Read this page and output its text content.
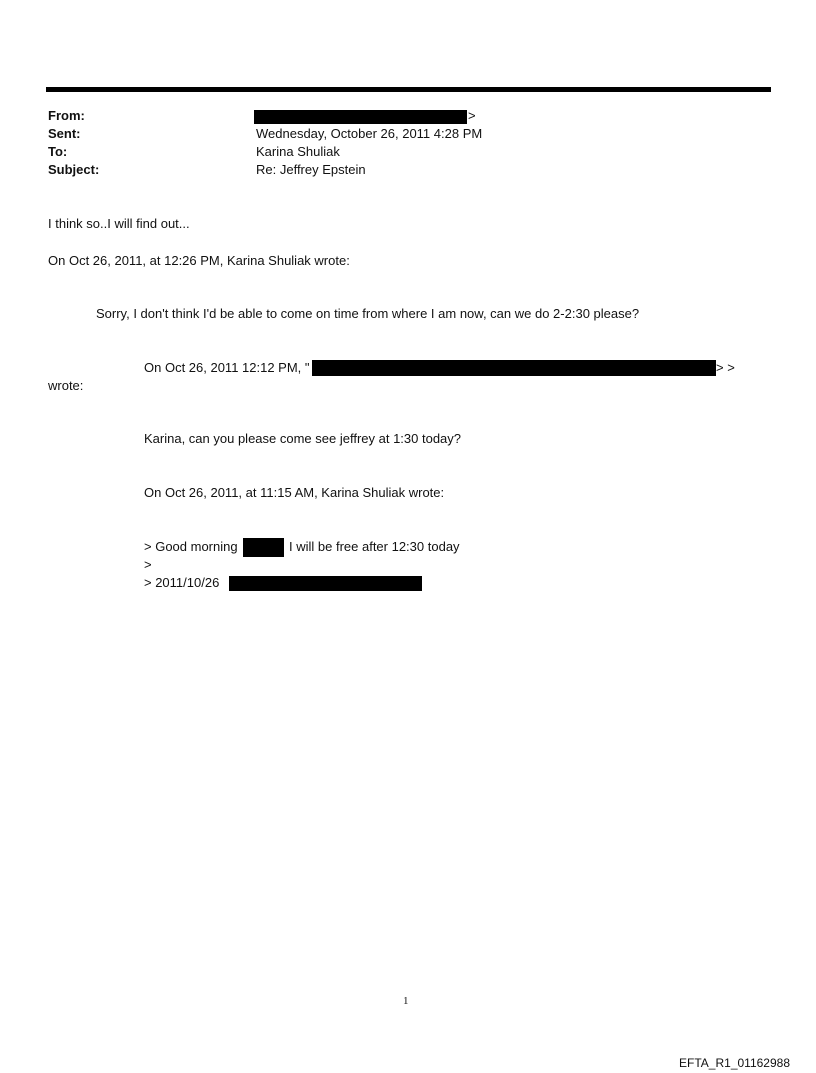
From:	>
Sent:	Wednesday, October 26, 2011 4:28 PM
To:	Karina Shuliak
Subject:	Re: Jeffrey Epstein
I think so..I will find out...
On Oct 26, 2011, at 12:26 PM, Karina Shuliak wrote:
Sorry, I don't think I'd be able to come on time from where I am now, can we do 2-2:30 please?
On Oct 26, 2011 12:12 PM, "	> >
wrote:
Karina, can you please come see jeffrey at 1:30 today?
On Oct 26, 2011, at 11:15 AM, Karina Shuliak wrote:
> Good morning	I will be free after 12:30 today
>
> 2011/10/26
1
EFTA_R1_01162988
